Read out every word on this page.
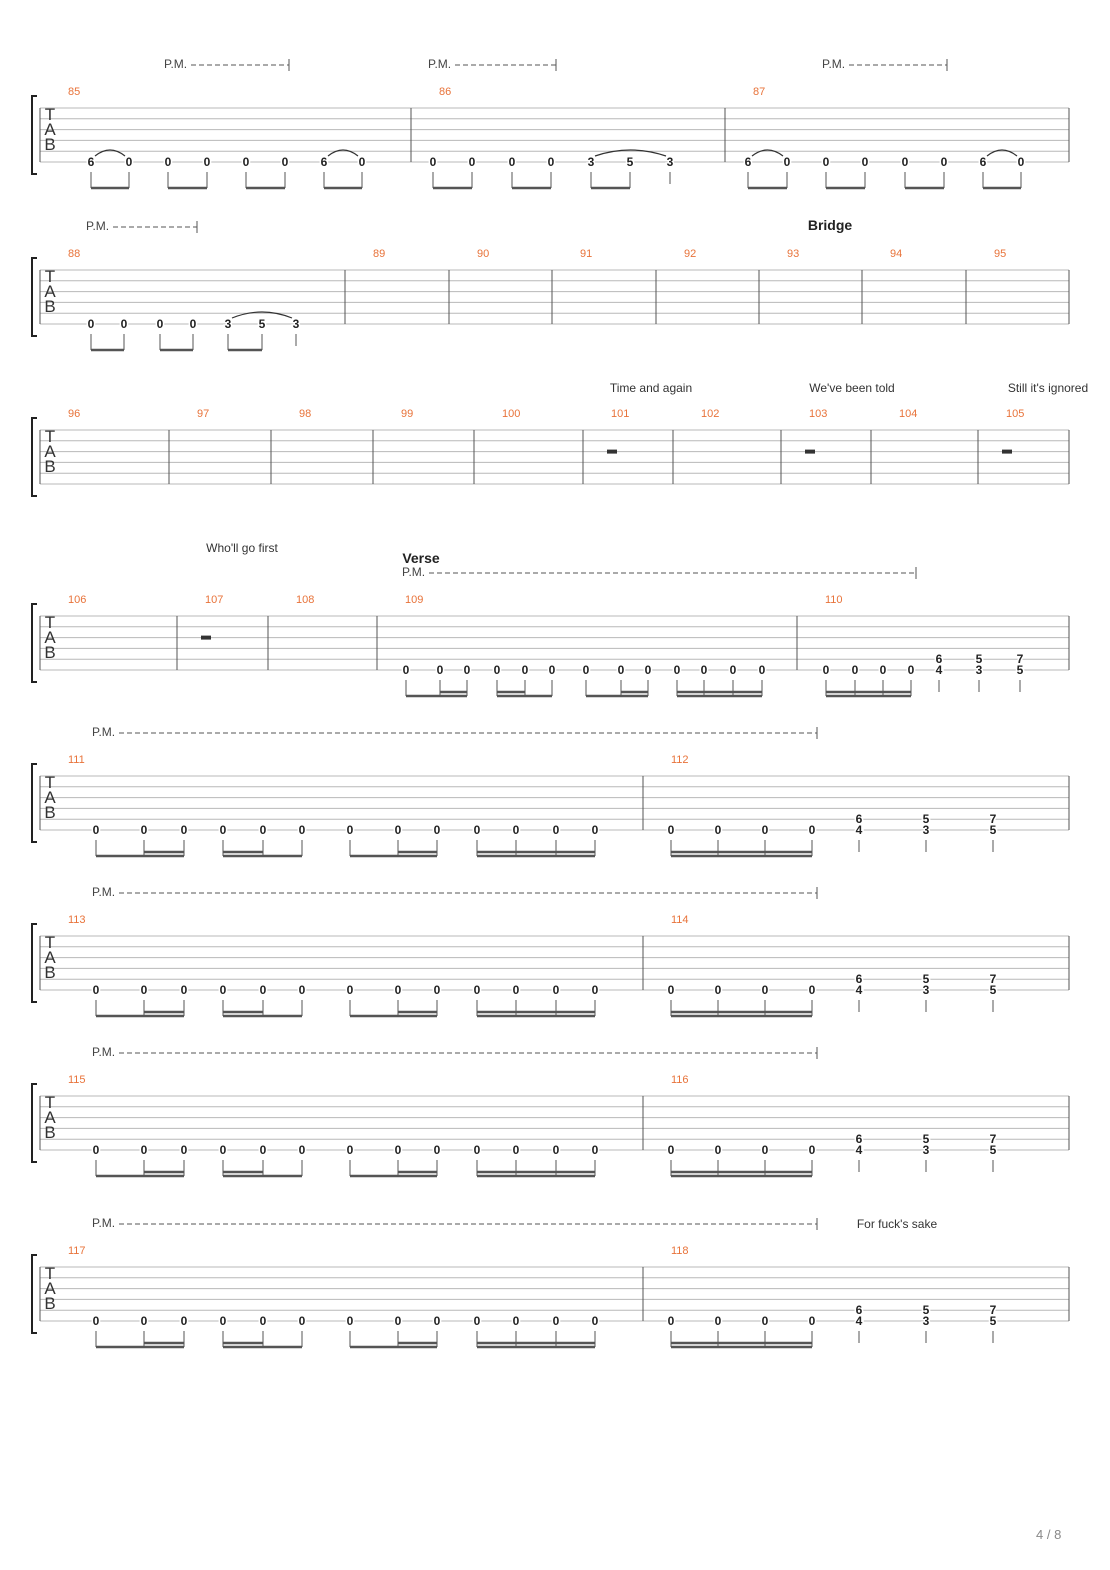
T
A
B
85	86	87
6	0	0	0	0	0	6	0	0	0	0	0	3	5	3	6	0	0	0	0	0	6	0
P.M.	P.M.	P.M.
T
A
B
88	89	90	91	92	93	94	95
0 0 0 0 3 5 3
P.M.	Bridge
T
A
B
96	97	98	99	100	101	102	103	104	105
Time and again	We've been told	Still it's ignored
T
A
B
106	107	108	109	110
0 0 0 0 0 0 0 0 0 0 0 0 0	0 0 0 0
6
4
5
3
7
5
P.M.
Verse
Who'll go first
T
A
B
111	112
0	0	0	0	0	0	0	0	0	0	0	0	0	0	0	0	0
6
4
5
3
7
5
P.M.
T
A
B
113	114
0	0	0	0	0	0	0	0	0	0	0	0	0	0	0	0	0
6
4
5
3
7
5
P.M.
T
A
B
115	116
0	0	0	0	0	0	0	0	0	0	0	0	0	0	0	0	0
6
4
5
3
7
5
P.M.
T
A
B
117	118
0	0	0	0	0	0	0	0	0	0	0	0	0	0	0	0	0
6
4
5
3
7
5
P.M.	For fuck's sake
4 / 8
